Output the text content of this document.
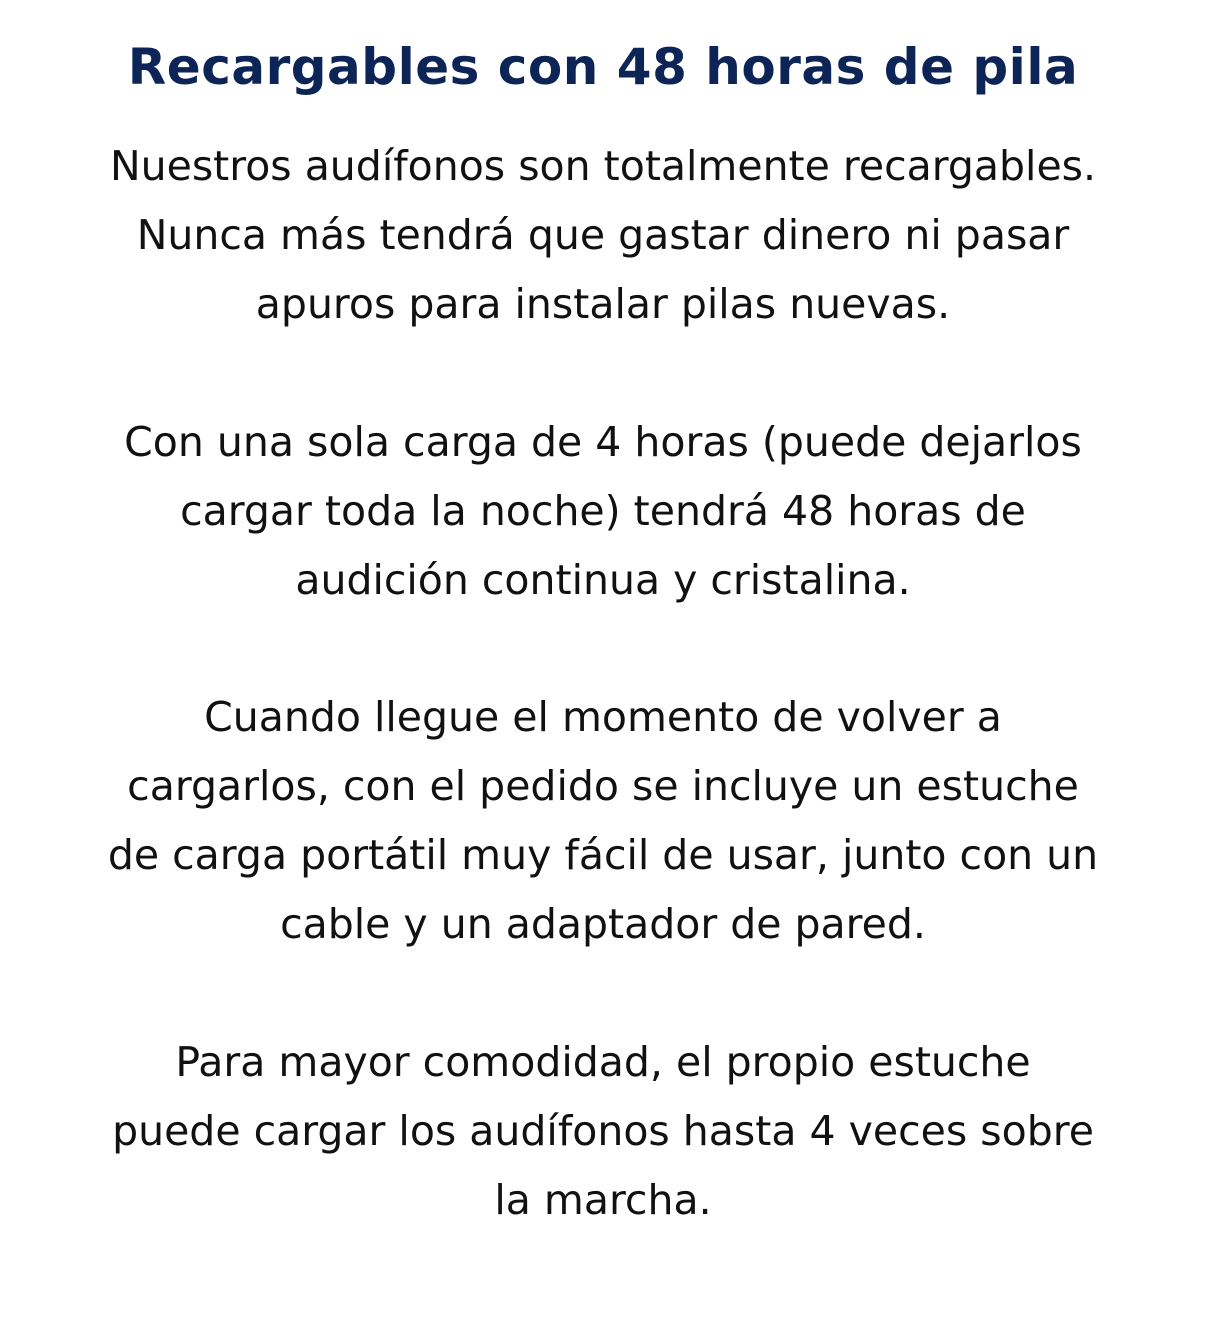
Recargables con 48 horas de pila
Nuestros audífonos son totalmente recargables.
Nunca más tendrá que gastar dinero ni pasar
apuros para instalar pilas nuevas.
Con una sola carga de 4 horas (puede dejarlos
cargar toda la noche) tendrá 48 horas de
audición continua y cristalina.
Cuando llegue el momento de volver a
cargarlos, con el pedido se incluye un estuche
de carga portátil muy fácil de usar, junto con un
cable y un adaptador de pared.
Para mayor comodidad, el propio estuche
puede cargar los audífonos hasta 4 veces sobre
la marcha.
